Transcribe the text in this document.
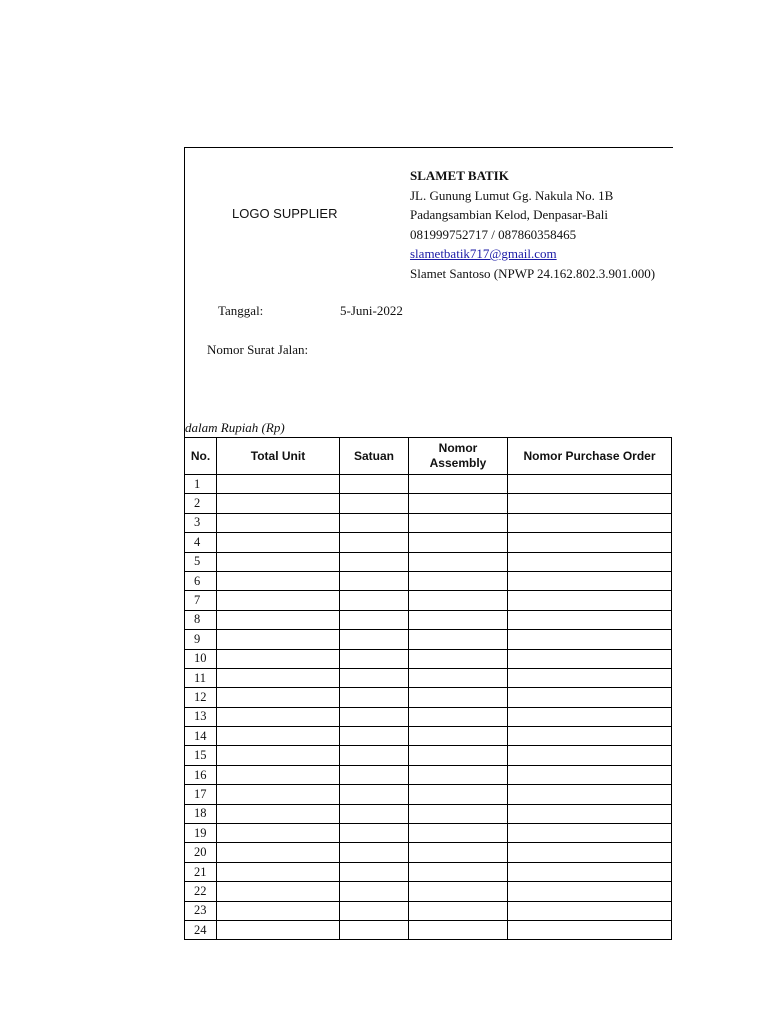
LOGO SUPPLIER
SLAMET BATIK
JL. Gunung Lumut Gg. Nakula No. 1B
Padangsambian Kelod, Denpasar-Bali
081999752717 / 087860358465
slametbatik717@gmail.com
Slamet Santoso (NPWP 24.162.802.3.901.000)
Tanggal:	5-Juni-2022
Nomor Surat Jalan:
dalam Rupiah (Rp)
No.	Total Unit	Satuan	Nomor Assembly	Nomor Purchase Order
1				
2				
3				
4				
5				
6				
7				
8				
9				
10				
11				
12				
13				
14				
15				
16				
17				
18				
19				
20				
21				
22				
23				
24				
